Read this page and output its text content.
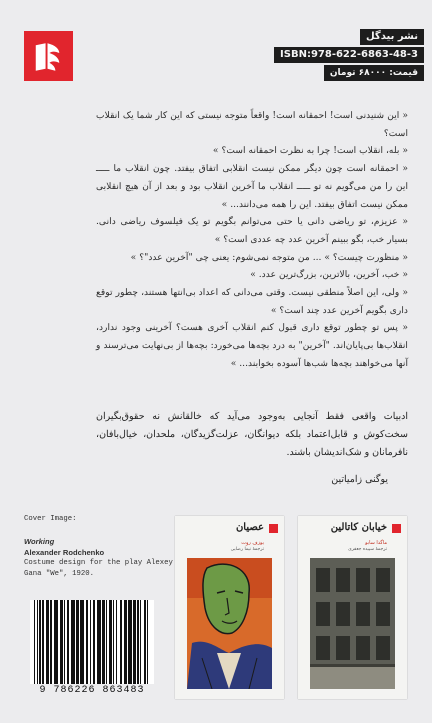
نشر بیدگل
ISBN:978-622-6863-48-3
قیمت: ۶۸۰۰۰ تومان

« این شنیدنی است! احمقانه است! واقعاً متوجه نیستی که این کار شما یک انقلاب است؟

« بله، انقلاب است! چرا به نظرت احمقانه است؟ »

« احمقانه است چون دیگر ممکن نیست انقلابی اتفاق بیفتد. چون انقلاب ما ـــــ این را من می‌گویم نه تو ـــــ انقلاب ما آخرین انقلاب بود و بعد از آن هیچ انقلابی ممکن نیست اتفاق بیفتد. این را همه می‌دانند... »

« عزیزم، تو ریاضی دانی یا حتی می‌توانم بگویم تو یک فیلسوف ریاضی دانی. بسیار خب، بگو ببینم آخرین عدد چه عددی است؟ »

« منظورت چیست؟ » ... من متوجه نمی‌شوم: یعنی چی "آخرین عدد"؟ »

« خب، آخرین، بالاترین، بزرگ‌ترین عدد. »

« ولی، این اصلاً منطقی نیست. وقتی می‌دانی که اعداد بی‌انتها هستند، چطور توقع داری بگویم آخرین عدد چند است؟ »

« پس تو چطور توقع داری قبول کنم انقلاب آخری هست؟ آخرینی وجود ندارد، انقلاب‌ها بی‌پایان‌اند. "آخرین" به درد بچه‌ها می‌خورد: بچه‌ها از بی‌نهایت می‌ترسند و آنها می‌خواهند بچه‌ها شب‌ها آسوده بخوابند... »

ادبیات واقعی فقط آنجایی به‌وجود می‌آید که خالقانش نه حقوق‌بگیران سخت‌کوش و قابل‌اعتماد بلکه دیوانگان، عزلت‌گزیدگان، ملحدان، خیال‌بافان، نافرمانان و شک‌اندیشان باشند.
یوگنی زامیاتین
Cover Image:
Working
Alexander Rodchenko
Costume design for the play Alexey Gana "We", 1920.
عصیان
یوزف روت
ترجمهٔ نیما رضایی
خیابان کاتالین
ماگدا سابو
ترجمهٔ سپیده جعفری
9 786226 863483
